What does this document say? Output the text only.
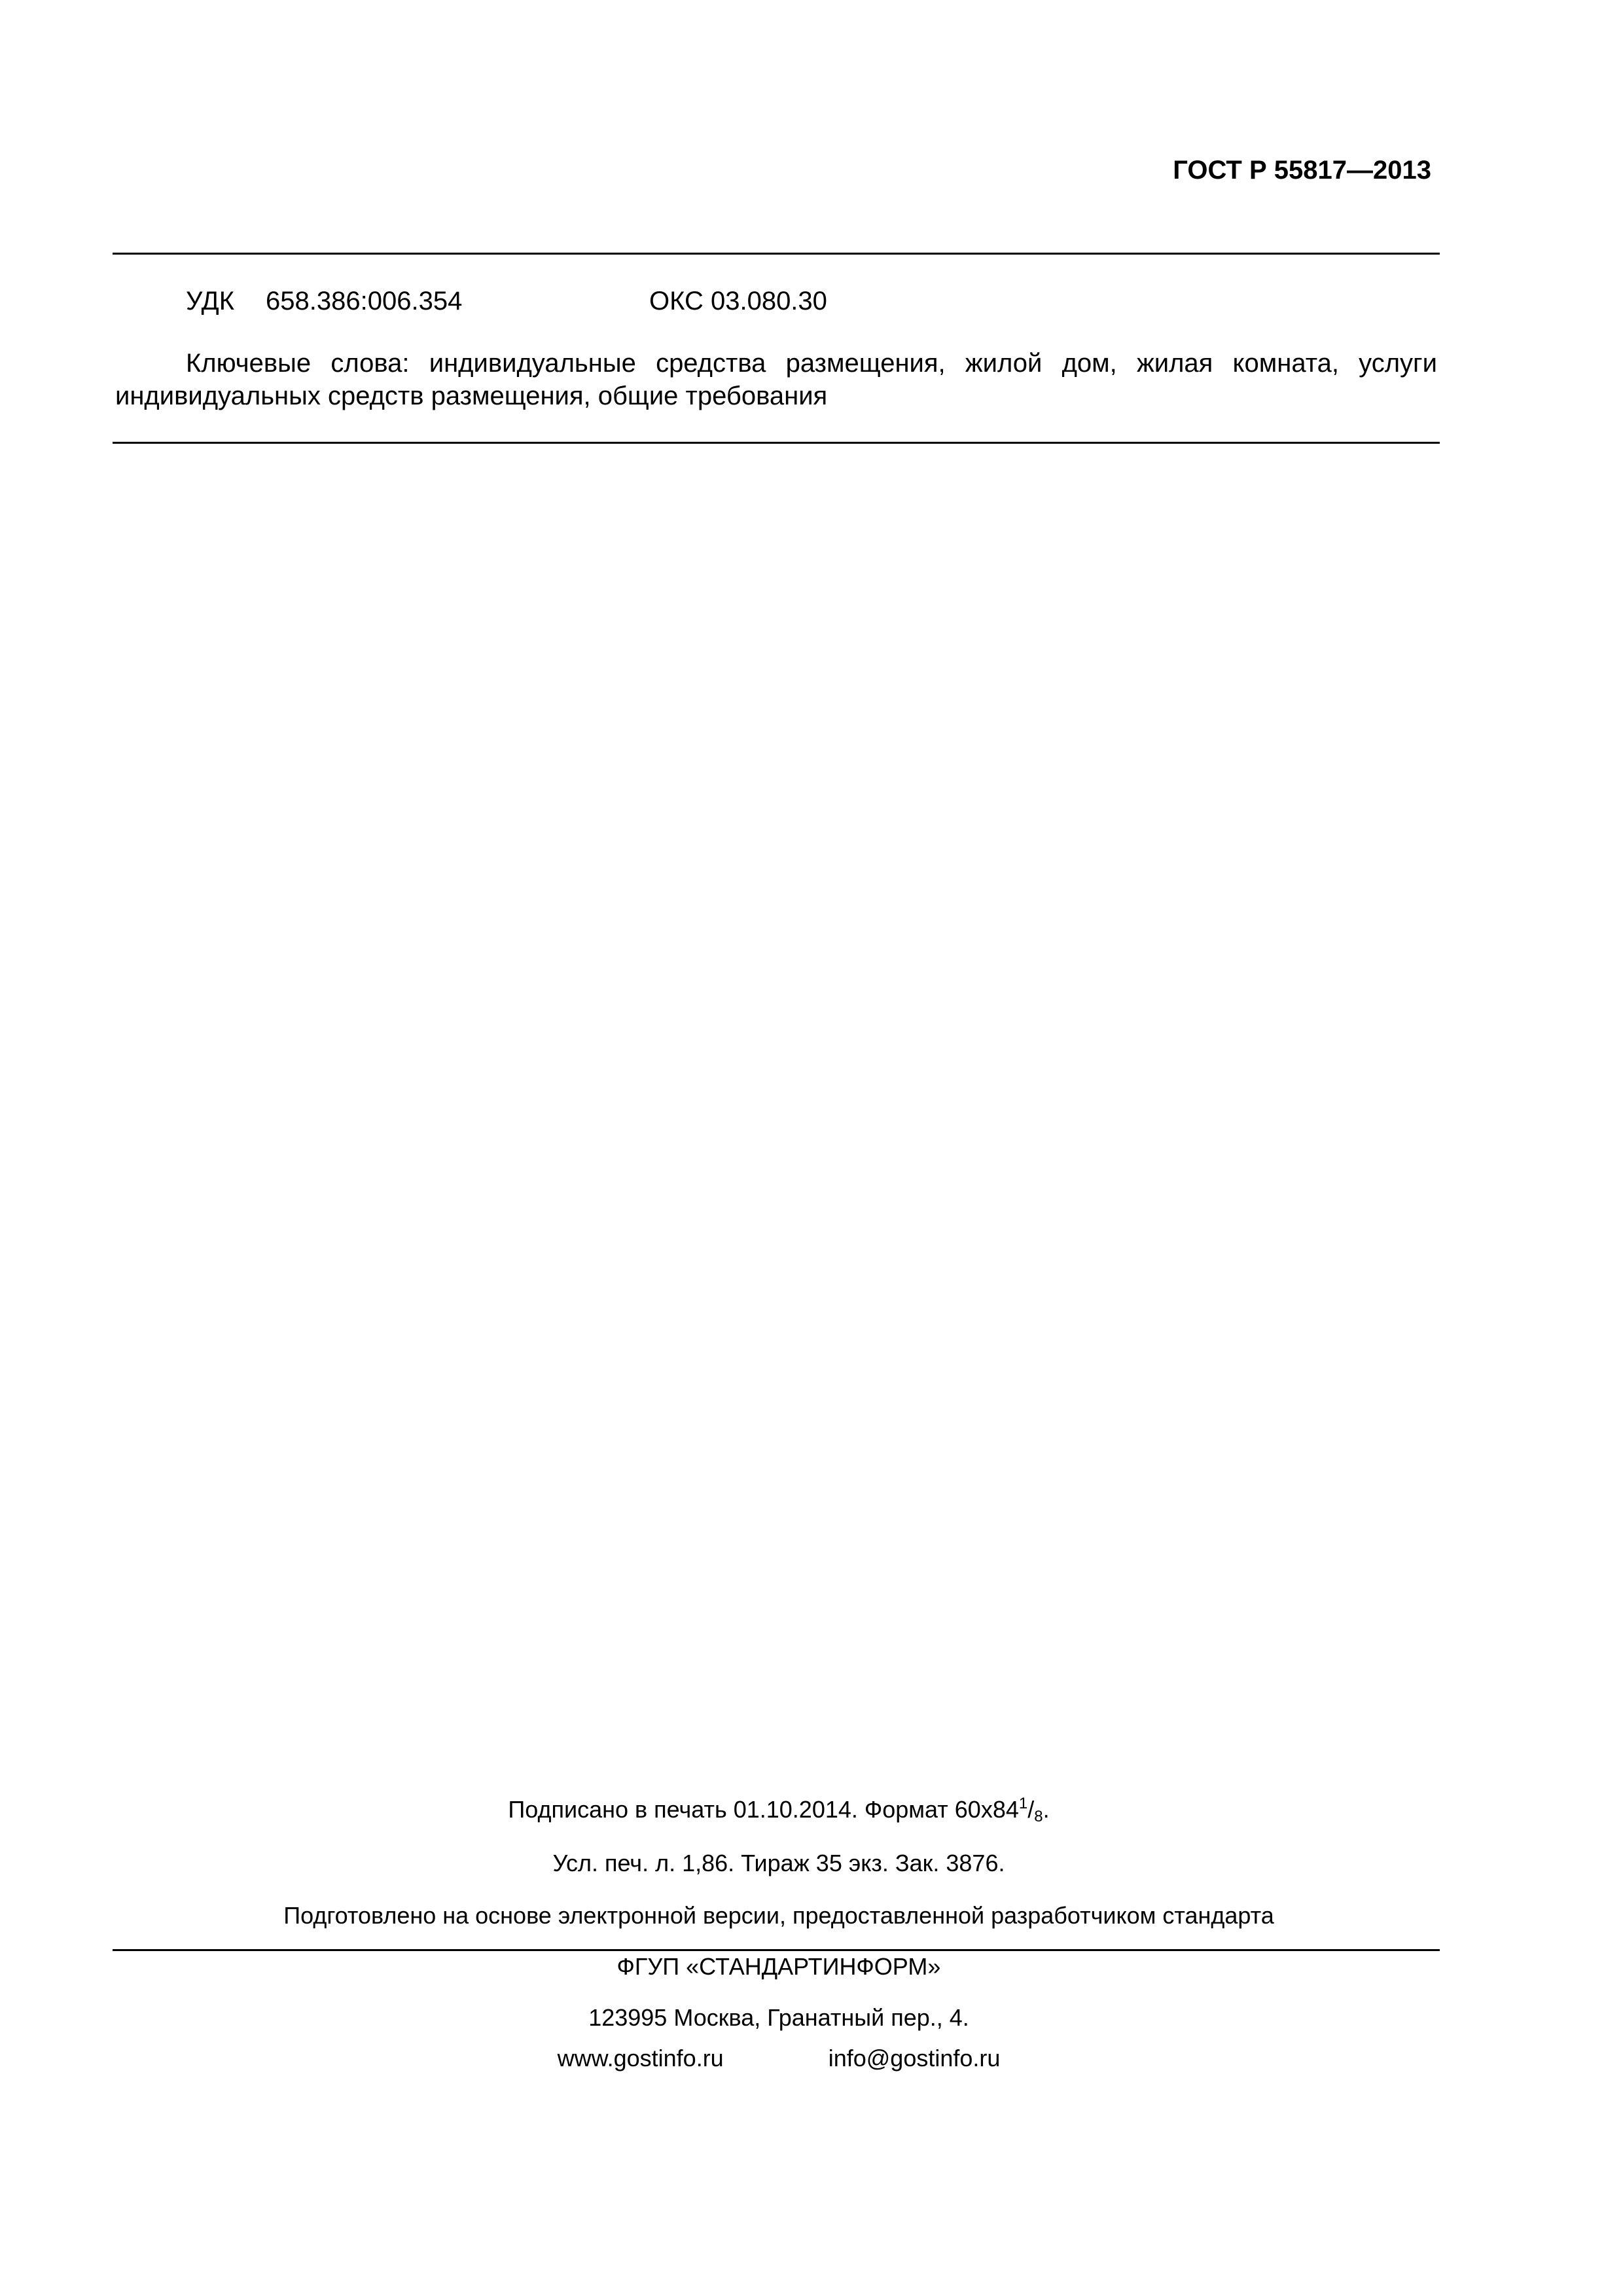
ГОСТ Р 55817—2013
УДК 658.386:006.354	ОКС 03.080.30
Ключевые слова: индивидуальные средства размещения, жилой дом, жилая комната, услуги индивидуальных средств размещения, общие требования
Подписано в печать 01.10.2014. Формат $60х84^1/_8$.
Усл. печ. л. 1,86. Тираж 35 экз. Зак. 3876.
Подготовлено на основе электронной версии, предоставленной разработчиком стандарта
ФГУП «СТАНДАРТИНФОРМ»
123995 Москва, Гранатный пер., 4.
www.gostinfo.ru	info@gostinfo.ru
